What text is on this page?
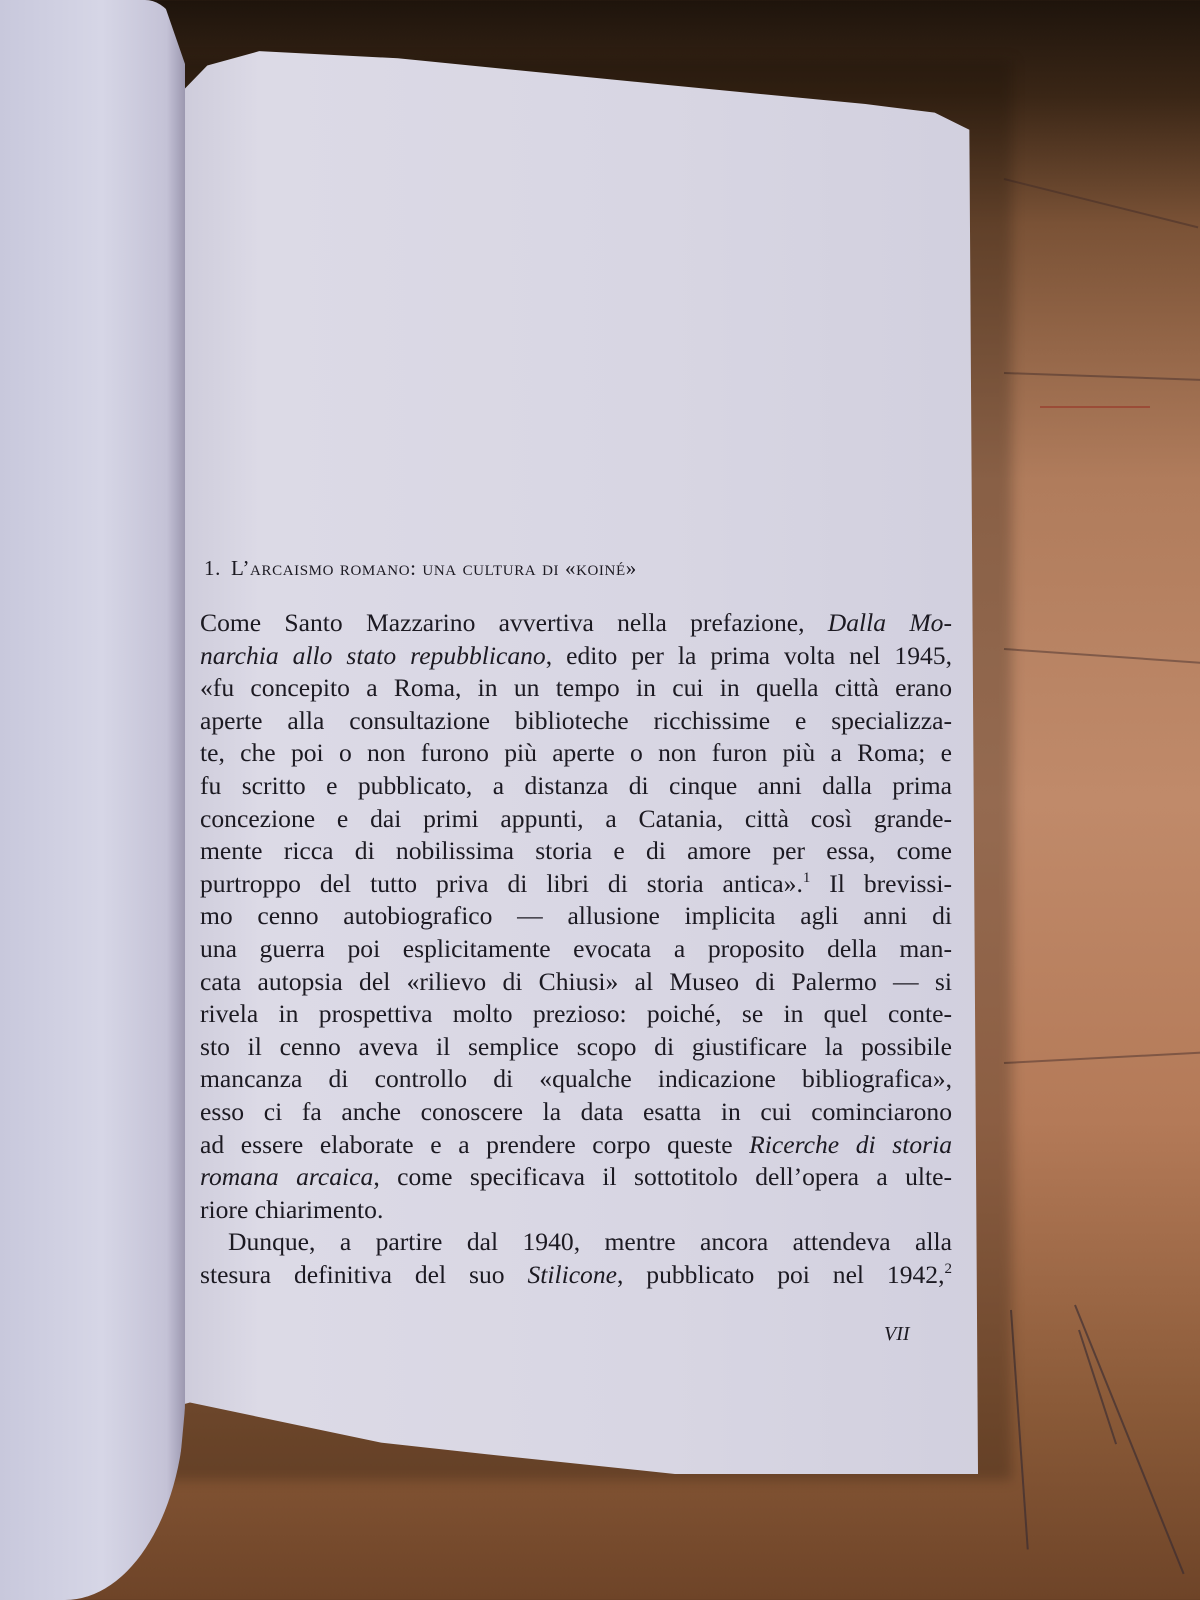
1. L’arcaismo romano: una cultura di «koiné»

Come Santo Mazzarino avvertiva nella prefazione, Dalla Mo-
narchia allo stato repubblicano, edito per la prima volta nel 1945,
«fu concepito a Roma, in un tempo in cui in quella città erano
aperte alla consultazione biblioteche ricchissime e specializza-
te, che poi o non furono più aperte o non furon più a Roma; e
fu scritto e pubblicato, a distanza di cinque anni dalla prima
concezione e dai primi appunti, a Catania, città così grande-
mente ricca di nobilissima storia e di amore per essa, come
purtroppo del tutto priva di libri di storia antica».$^1$ Il brevissi-
mo cenno autobiografico — allusione implicita agli anni di
una guerra poi esplicitamente evocata a proposito della man-
cata autopsia del «rilievo di Chiusi» al Museo di Palermo — si
rivela in prospettiva molto prezioso: poiché, se in quel conte-
sto il cenno aveva il semplice scopo di giustificare la possibile
mancanza di controllo di «qualche indicazione bibliografica»,
esso ci fa anche conoscere la data esatta in cui cominciarono
ad essere elaborate e a prendere corpo queste Ricerche di storia
romana arcaica, come specificava il sottotitolo dell’opera a ulte-
riore chiarimento.

Dunque, a partire dal 1940, mentre ancora attendeva alla
stesura definitiva del suo Stilicone, pubblicato poi nel 1942,$^2$

VII
